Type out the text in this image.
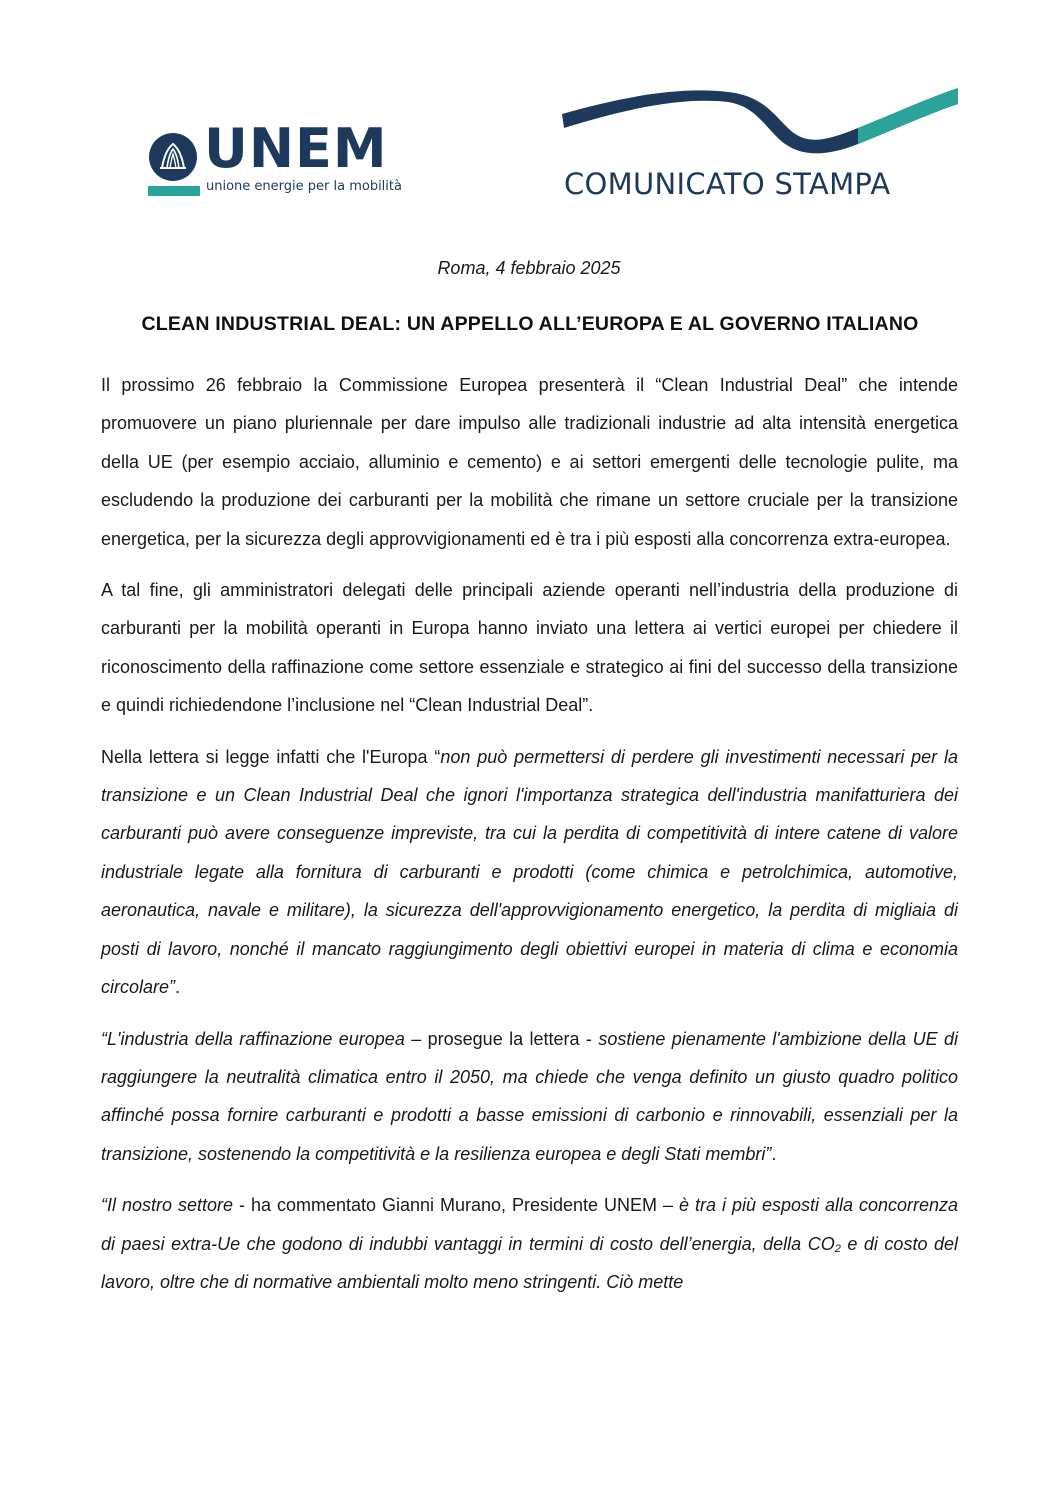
UNEM
unione energie per la mobilità	COMUNICATO STAMPA
Roma, 4 febbraio 2025
CLEAN INDUSTRIAL DEAL: UN APPELLO ALL’EUROPA E AL GOVERNO ITALIANO

Il prossimo 26 febbraio la Commissione Europea presenterà il “Clean Industrial Deal” che intende promuovere un piano pluriennale per dare impulso alle tradizionali industrie ad alta intensità energetica della UE (per esempio acciaio, alluminio e cemento) e ai settori emergenti delle tecnologie pulite, ma escludendo la produzione dei carburanti per la mobilità che rimane un settore cruciale per la transizione energetica, per la sicurezza degli approvvigionamenti ed è tra i più esposti alla concorrenza extra-europea.

A tal fine, gli amministratori delegati delle principali aziende operanti nell’industria della produzione di carburanti per la mobilità operanti in Europa hanno inviato una lettera ai vertici europei per chiedere il riconoscimento della raffinazione come settore essenziale e strategico ai fini del successo della transizione e quindi richiedendone l’inclusione nel “Clean Industrial Deal”.

Nella lettera si legge infatti che l'Europa “non può permettersi di perdere gli investimenti necessari per la transizione e un Clean Industrial Deal che ignori l'importanza strategica dell'industria manifatturiera dei carburanti può avere conseguenze impreviste, tra cui la perdita di competitività di intere catene di valore industriale legate alla fornitura di carburanti e prodotti (come chimica e petrolchimica, automotive, aeronautica, navale e militare), la sicurezza dell'approvvigionamento energetico, la perdita di migliaia di posti di lavoro, nonché il mancato raggiungimento degli obiettivi europei in materia di clima e economia circolare”.

“L'industria della raffinazione europea – prosegue la lettera - sostiene pienamente l'ambizione della UE di raggiungere la neutralità climatica entro il 2050, ma chiede che venga definito un giusto quadro politico affinché possa fornire carburanti e prodotti a basse emissioni di carbonio e rinnovabili, essenziali per la transizione, sostenendo la competitività e la resilienza europea e degli Stati membri”.

“Il nostro settore - ha commentato Gianni Murano, Presidente UNEM – è tra i più esposti alla concorrenza di paesi extra-Ue che godono di indubbi vantaggi in termini di costo dell’energia, della $CO_2$ e di costo del lavoro, oltre che di normative ambientali molto meno stringenti. Ciò mette
